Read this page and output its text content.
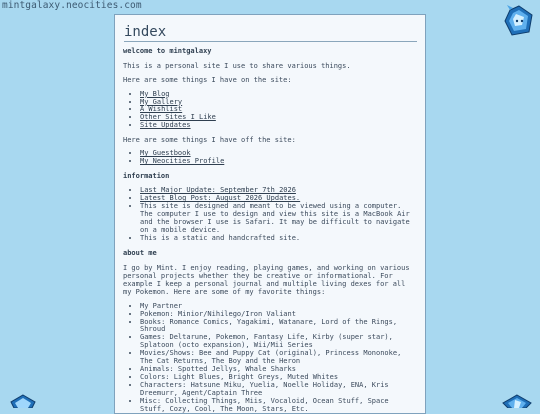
mintgalaxy.neocities.com
index
welcome to mintgalaxy

This is a personal site I use to share various things.

Here are some things I have on the site:

• My Blog
• My Gallery
• A Wishlist
• Other Sites I Like
• Site Updates

Here are some things I have off the site:

• My Guestbook
• My Neocities Profile
information
• Last Major Update: September 7th 2026
• Latest Blog Post: August 2026 Updates.
• This site is designed and meant to be viewed using a computer. The computer I use to design and view this site is a MacBook Air and the browser I use is Safari. It may be difficult to navigate on a mobile device.
• This is a static and handcrafted site.
about me

I go by Mint. I enjoy reading, playing games, and working on various personal projects whether they be creative or informational. For example I keep a personal journal and multiple living dexes for all my Pokemon. Here are some of my favorite things:

• My Partner
• Pokemon: Minior/Nihilego/Iron Valiant
• Books: Romance Comics, Yagakimi, Watanare, Lord of the Rings, Shroud
• Games: Deltarune, Pokemon, Fantasy Life, Kirby (super star), Splatoon (octo expansion), Wii/Mii Series
• Movies/Shows: Bee and Puppy Cat (original), Princess Mononoke, The Cat Returns, The Boy and the Heron
• Animals: Spotted Jellys, Whale Sharks
• Colors: Light Blues, Bright Greys, Muted Whites
• Characters: Hatsune Miku, Yuelia, Noelle Holiday, ENA, Kris Dreemurr, Agent/Captain Three
• Misc: Collecting Things, Miis, Vocaloid, Ocean Stuff, Space Stuff, Cozy, Cool, The Moon, Stars, Etc.
